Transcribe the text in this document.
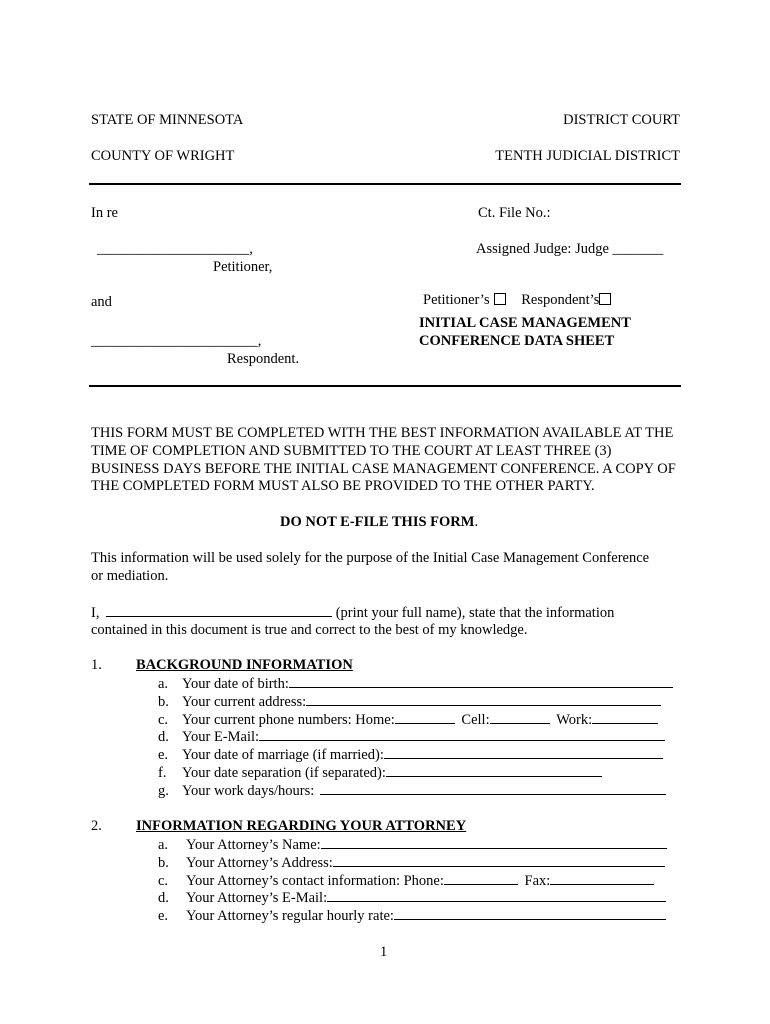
STATE OF MINNESOTA	DISTRICT COURT
COUNTY OF WRIGHT	TENTH JUDICIAL DISTRICT
In re	Ct. File No.:
_____________________,	Assigned Judge: Judge _______
Petitioner,
and	Petitioner’s Respondent’s
INITIAL CASE MANAGEMENT
CONFERENCE DATA SHEET
_______________________,
Respondent.
THIS FORM MUST BE COMPLETED WITH THE BEST INFORMATION AVAILABLE AT THE TIME OF COMPLETION AND SUBMITTED TO THE COURT AT LEAST THREE (3) BUSINESS DAYS BEFORE THE INITIAL CASE MANAGEMENT CONFERENCE. A COPY OF THE COMPLETED FORM MUST ALSO BE PROVIDED TO THE OTHER PARTY.
DO NOT E-FILE THIS FORM.
This information will be used solely for the purpose of the Initial Case Management Conference
or mediation.
I,	(print your full name), state that the information
contained in this document is true and correct to the best of my knowledge.
1. BACKGROUND INFORMATION
a. Your date of birth:
b. Your current address:
c. Your current phone numbers: Home:	Cell:	Work:
d. Your E-Mail:
e. Your date of marriage (if married):
f. Your date separation (if separated):
g. Your work days/hours:
2. INFORMATION REGARDING YOUR ATTORNEY
a. Your Attorney’s Name:
b. Your Attorney’s Address:
c. Your Attorney’s contact information: Phone:	Fax:
d. Your Attorney’s E-Mail:
e. Your Attorney’s regular hourly rate:
1
